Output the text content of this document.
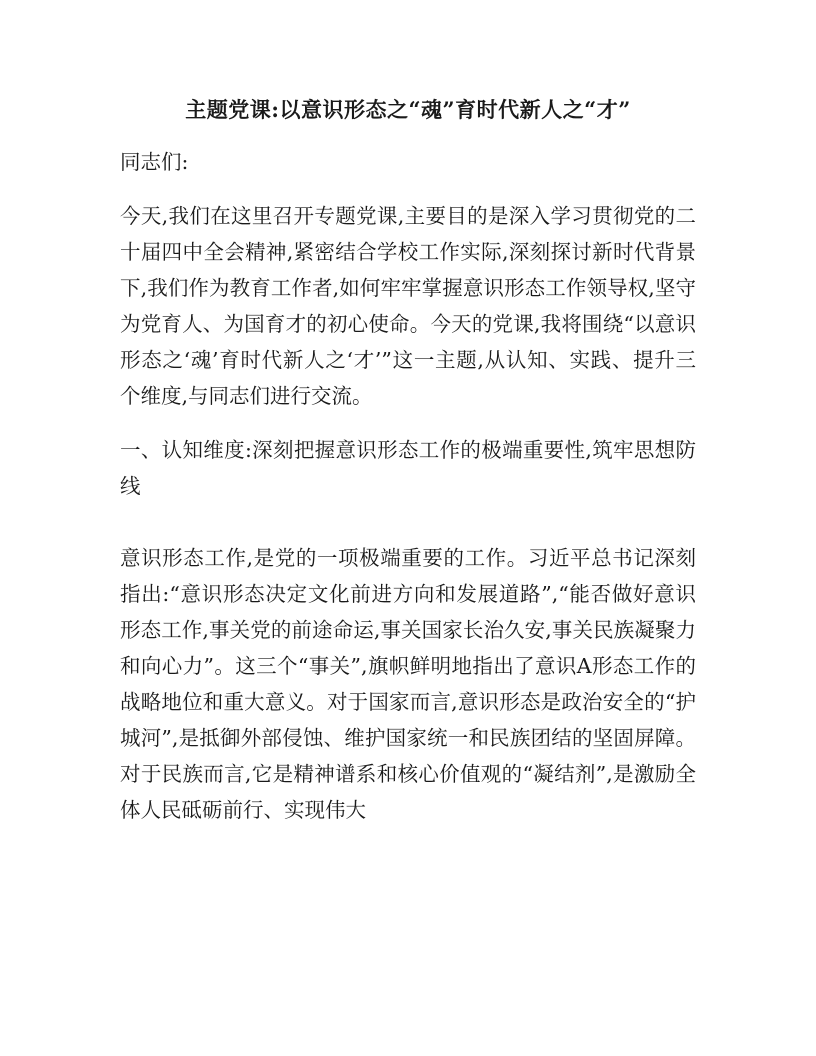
主题党课:以意识形态之“魂”育时代新人之“才”

同志们:

今天,我们在这里召开专题党课,主要目的是深入学习贯彻党的二十届四中全会精神,紧密结合学校工作实际,深刻探讨新时代背景下,我们作为教育工作者,如何牢牢掌握意识形态工作领导权,坚守为党育人、为国育才的初心使命。今天的党课,我将围绕“以意识形态之‘魂’育时代新人之‘才’”这一主题,从认知、实践、提升三个维度,与同志们进行交流。

一、认知维度:深刻把握意识形态工作的极端重要性,筑牢思想防线

意识形态工作,是党的一项极端重要的工作。习近平总书记深刻指出:“意识形态决定文化前进方向和发展道路”,“能否做好意识形态工作,事关党的前途命运,事关国家长治久安,事关民族凝聚力和向心力”。这三个“事关”,旗帜鲜明地指出了意识A形态工作的战略地位和重大意义。对于国家而言,意识形态是政治安全的“护城河”,是抵御外部侵蚀、维护国家统一和民族团结的坚固屏障。对于民族而言,它是精神谱系和核心价值观的“凝结剂”,是激励全体人民砥砺前行、实现伟大
